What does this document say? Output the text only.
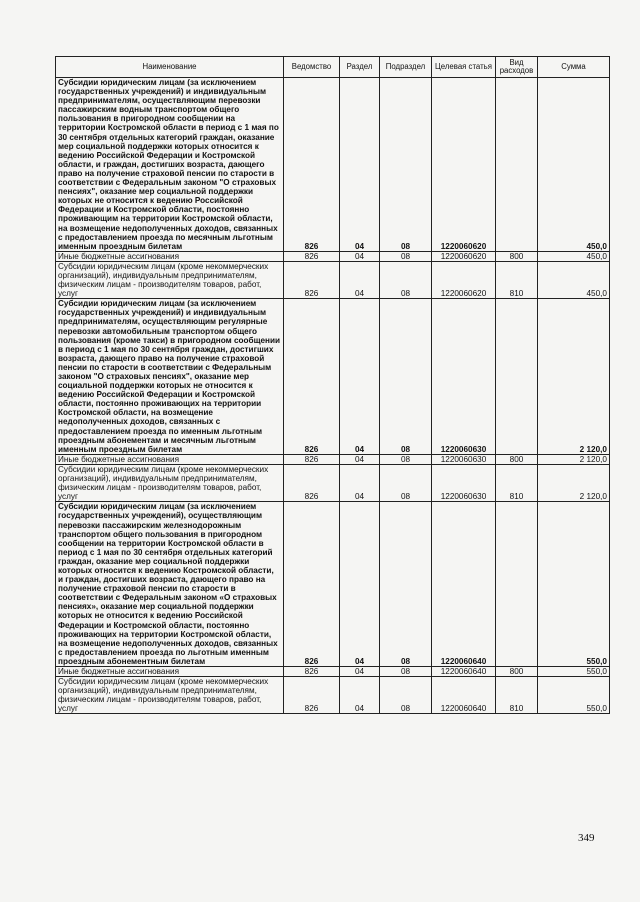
Наименование	Ведомство	Раздел	Подраздел	Целевая статья	Вид расходов	Сумма
Субсидии юридическим лицам (за исключением государственных учреждений) и индивидуальным предпринимателям, осуществляющим перевозки пассажирским водным транспортом общего пользования в пригородном сообщении на территории Костромской области в период с 1 мая по 30 сентября отдельных категорий граждан, оказание мер социальной поддержки которых относится к ведению Российской Федерации и Костромской области, и граждан, достигших возраста, дающего право на получение страховой пенсии по старости в соответствии с Федеральным законом "О страховых пенсиях", оказание мер социальной поддержки которых не относится к ведению Российской Федерации и Костромской области, постоянно проживающим на территории Костромской области, на возмещение недополученных доходов, связанных с предоставлением проезда по месячным льготным именным проездным билетам	826	04	08	1220060620		450,0
Иные бюджетные ассигнования	826	04	08	1220060620	800	450,0
Субсидии юридическим лицам (кроме некоммерческих организаций), индивидуальным предпринимателям, физическим лицам - производителям товаров, работ, услуг	826	04	08	1220060620	810	450,0
Субсидии юридическим лицам (за исключением государственных учреждений) и индивидуальным предпринимателям, осуществляющим регулярные перевозки автомобильным транспортом общего пользования (кроме такси) в пригородном сообщении в период с 1 мая по 30 сентября граждан, достигших возраста, дающего право на получение страховой пенсии по старости в соответствии с Федеральным законом "О страховых пенсиях", оказание мер социальной поддержки которых не относится к ведению Российской Федерации и Костромской области, постоянно проживающих на территории Костромской области, на возмещение недополученных доходов, связанных с предоставлением проезда по именным льготным проездным абонементам и месячным льготным именным проездным билетам	826	04	08	1220060630		2 120,0
Иные бюджетные ассигнования	826	04	08	1220060630	800	2 120,0
Субсидии юридическим лицам (кроме некоммерческих организаций), индивидуальным предпринимателям, физическим лицам - производителям товаров, работ, услуг	826	04	08	1220060630	810	2 120,0
Субсидии юридическим лицам (за исключением государственных учреждений), осуществляющим перевозки пассажирским железнодорожным транспортом общего пользования в пригородном сообщении на территории Костромской области в период с 1 мая по 30 сентября отдельных категорий граждан, оказание мер социальной поддержки которых относится к ведению Костромской области, и граждан, достигших возраста, дающего право на получение страховой пенсии по старости в соответствии с Федеральным законом «О страховых пенсиях», оказание мер социальной поддержки которых не относится к ведению Российской Федерации и Костромской области, постоянно проживающих на территории Костромской области, на возмещение недополученных доходов, связанных с предоставлением проезда по льготным именным проездным абонементным билетам	826	04	08	1220060640		550,0
Иные бюджетные ассигнования	826	04	08	1220060640	800	550,0
Субсидии юридическим лицам (кроме некоммерческих организаций), индивидуальным предпринимателям, физическим лицам - производителям товаров, работ, услуг	826	04	08	1220060640	810	550,0
349
